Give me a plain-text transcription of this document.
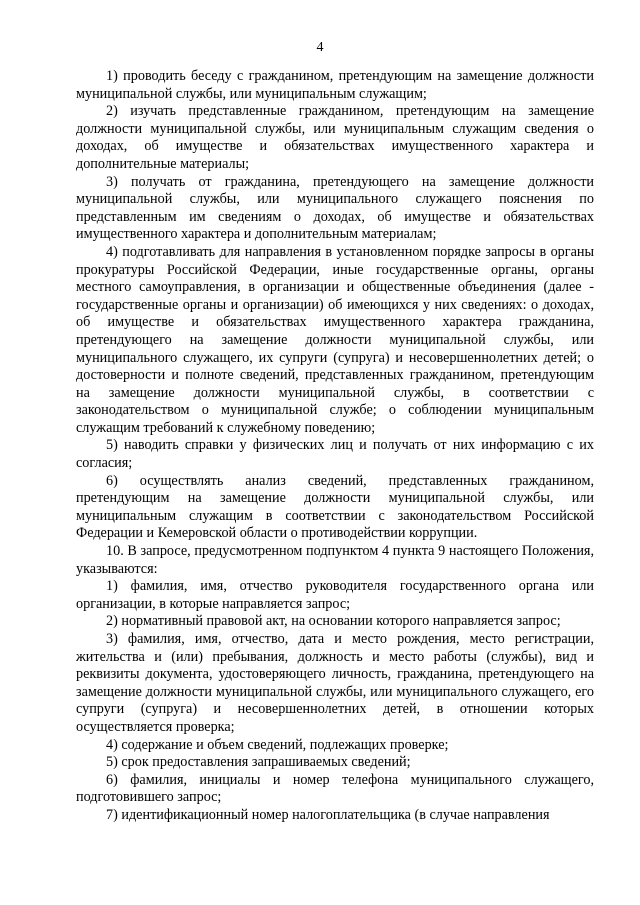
4

1) проводить беседу с гражданином, претендующим на замещение должности муниципальной службы, или муниципальным служащим;

2) изучать представленные гражданином, претендующим на замещение должности муниципальной службы, или муниципальным служащим сведения о доходах, об имуществе и обязательствах имущественного характера и дополнительные материалы;

3) получать от гражданина, претендующего на замещение должности муниципальной службы, или муниципального служащего пояснения по представленным им сведениям о доходах, об имуществе и обязательствах имущественного характера и дополнительным материалам;

4) подготавливать для направления в установленном порядке запросы в органы прокуратуры Российской Федерации, иные государственные органы, органы местного самоуправления, в организации и общественные объединения (далее - государственные органы и организации) об имеющихся у них сведениях: о доходах, об имуществе и обязательствах имущественного характера гражданина, претендующего на замещение должности муниципальной службы, или муниципального служащего, их супруги (супруга) и несовершеннолетних детей; о достоверности и полноте сведений, представленных гражданином, претендующим на замещение должности муниципальной службы, в соответствии с законодательством о муниципальной службе; о соблюдении муниципальным служащим требований к служебному поведению;

5) наводить справки у физических лиц и получать от них информацию с их согласия;

6) осуществлять анализ сведений, представленных гражданином, претендующим на замещение должности муниципальной службы, или муниципальным служащим в соответствии с законодательством Российской Федерации и Кемеровской области о противодействии коррупции.

10. В запросе, предусмотренном подпунктом 4 пункта 9 настоящего Положения, указываются:

1) фамилия, имя, отчество руководителя государственного органа или организации, в которые направляется запрос;

2) нормативный правовой акт, на основании которого направляется запрос;

3) фамилия, имя, отчество, дата и место рождения, место регистрации, жительства и (или) пребывания, должность и место работы (службы), вид и реквизиты документа, удостоверяющего личность, гражданина, претендующего на замещение должности муниципальной службы, или муниципального служащего, его супруги (супруга) и несовершеннолетних детей, в отношении которых осуществляется проверка;

4) содержание и объем сведений, подлежащих проверке;

5) срок предоставления запрашиваемых сведений;

6) фамилия, инициалы и номер телефона муниципального служащего, подготовившего запрос;

7) идентификационный номер налогоплательщика (в случае направления
